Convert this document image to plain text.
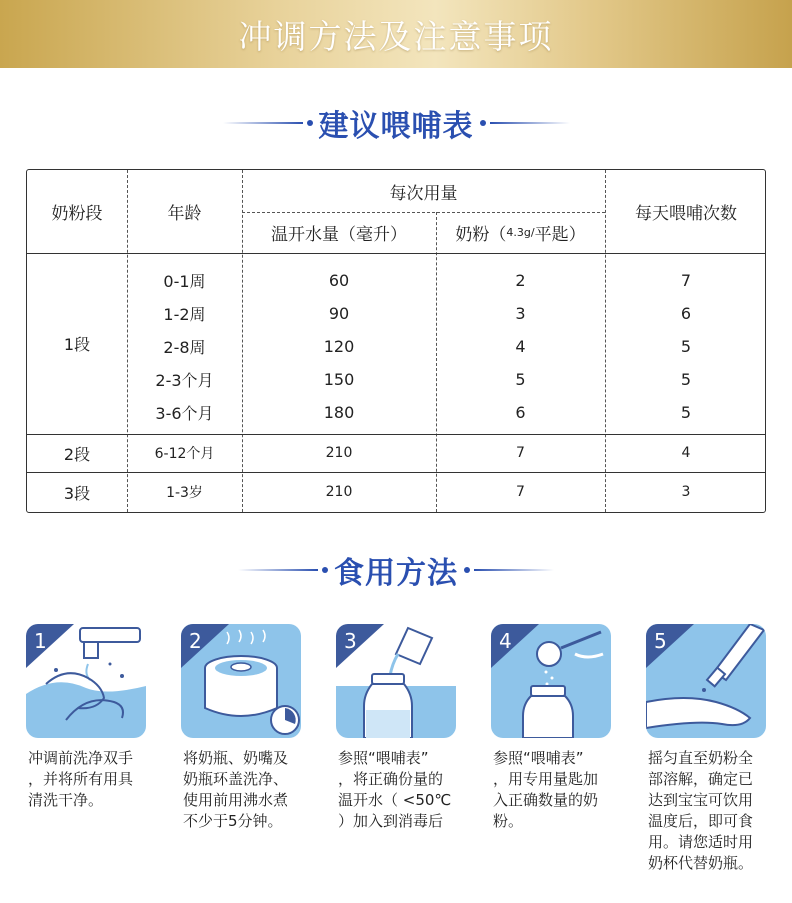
冲调方法及注意事项
建议喂哺表
奶粉段	年龄
每次用量
温开水量（毫升）	奶粉（ 4.3g/ 平匙）
每天喂哺次数
1段
0-1周	60	2	7
1-2周	90	3	6
2-8周	120	4	5
2-3个月	150	5	5
3-6个月	180	6	5
2段	6-12个月	210	7	4
3段	1-3岁	210	7	3
食用方法
1	2	3	4	5
冲调前洗净双手
，并将所有用具
清洗干净。
将奶瓶、奶嘴及
奶瓶环盖洗净、
使用前用沸水煮
不少于5分钟。
参照“喂哺表”
，将正确份量的
温开水（ <50℃
）加入到消毒后
参照“喂哺表”
，用专用量匙加
入正确数量的奶
粉。
摇匀直至奶粉全
部溶解，确定已
达到宝宝可饮用
温度后，即可食
用。请您适时用
奶杯代替奶瓶。
